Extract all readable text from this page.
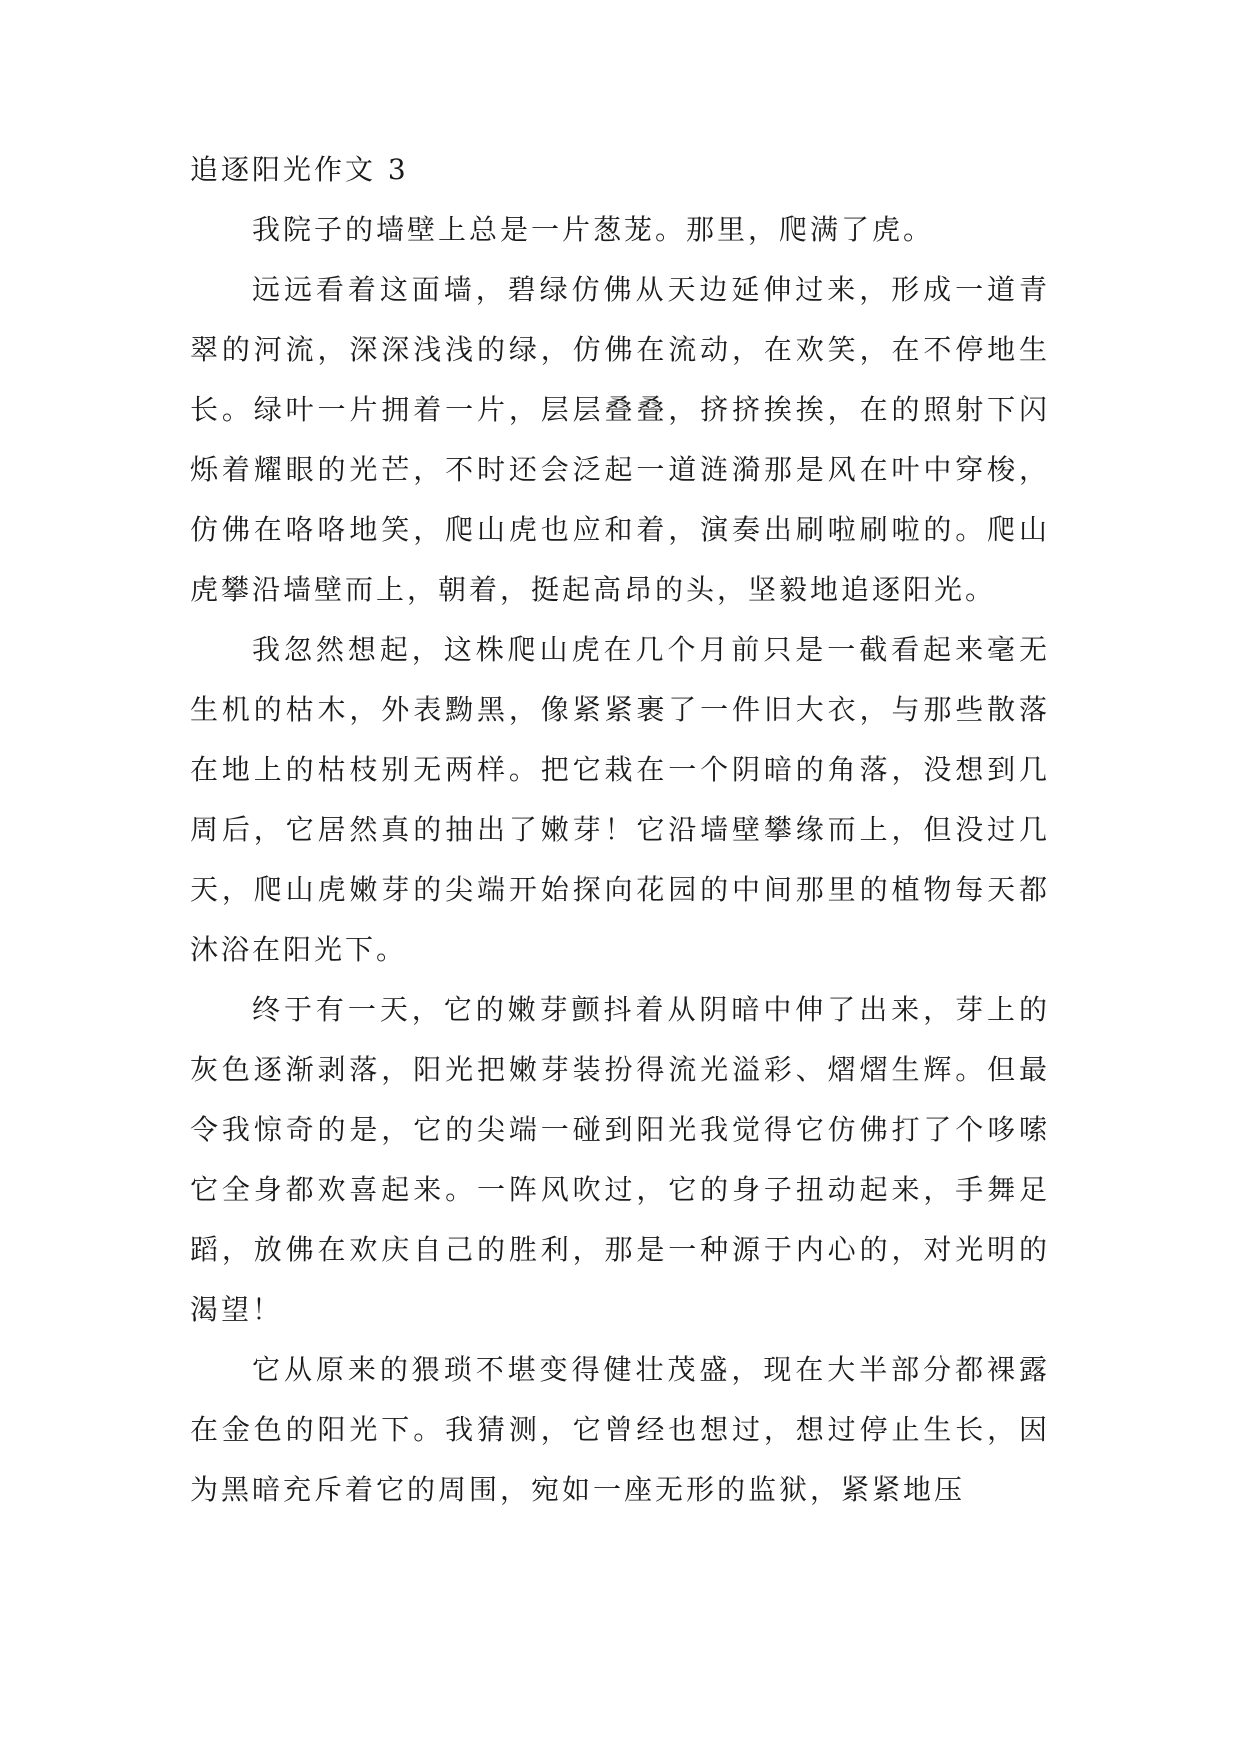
追逐阳光作文 3

我院子的墙壁上总是一片葱茏。那里，爬满了虎。

远远看着这面墙，碧绿仿佛从天边延伸过来，形成一道青翠的河流，深深浅浅的绿，仿佛在流动，在欢笑，在不停地生长。绿叶一片拥着一片，层层叠叠，挤挤挨挨，在的照射下闪烁着耀眼的光芒，不时还会泛起一道涟漪那是风在叶中穿梭，仿佛在咯咯地笑，爬山虎也应和着，演奏出刷啦刷啦的。爬山虎攀沿墙壁而上，朝着，挺起高昂的头，坚毅地追逐阳光。

我忽然想起，这株爬山虎在几个月前只是一截看起来毫无生机的枯木，外表黝黑，像紧紧裹了一件旧大衣，与那些散落在地上的枯枝别无两样。把它栽在一个阴暗的角落，没想到几周后，它居然真的抽出了嫩芽！它沿墙壁攀缘而上，但没过几天，爬山虎嫩芽的尖端开始探向花园的中间那里的植物每天都沐浴在阳光下。

终于有一天，它的嫩芽颤抖着从阴暗中伸了出来，芽上的灰色逐渐剥落，阳光把嫩芽装扮得流光溢彩、熠熠生辉。但最令我惊奇的是，它的尖端一碰到阳光我觉得它仿佛打了个哆嗦它全身都欢喜起来。一阵风吹过，它的身子扭动起来，手舞足蹈，放佛在欢庆自己的胜利，那是一种源于内心的，对光明的渴望！

它从原来的猥琐不堪变得健壮茂盛，现在大半部分都裸露在金色的阳光下。我猜测，它曾经也想过，想过停止生长，因为黑暗充斥着它的周围，宛如一座无形的监狱，紧紧地压
